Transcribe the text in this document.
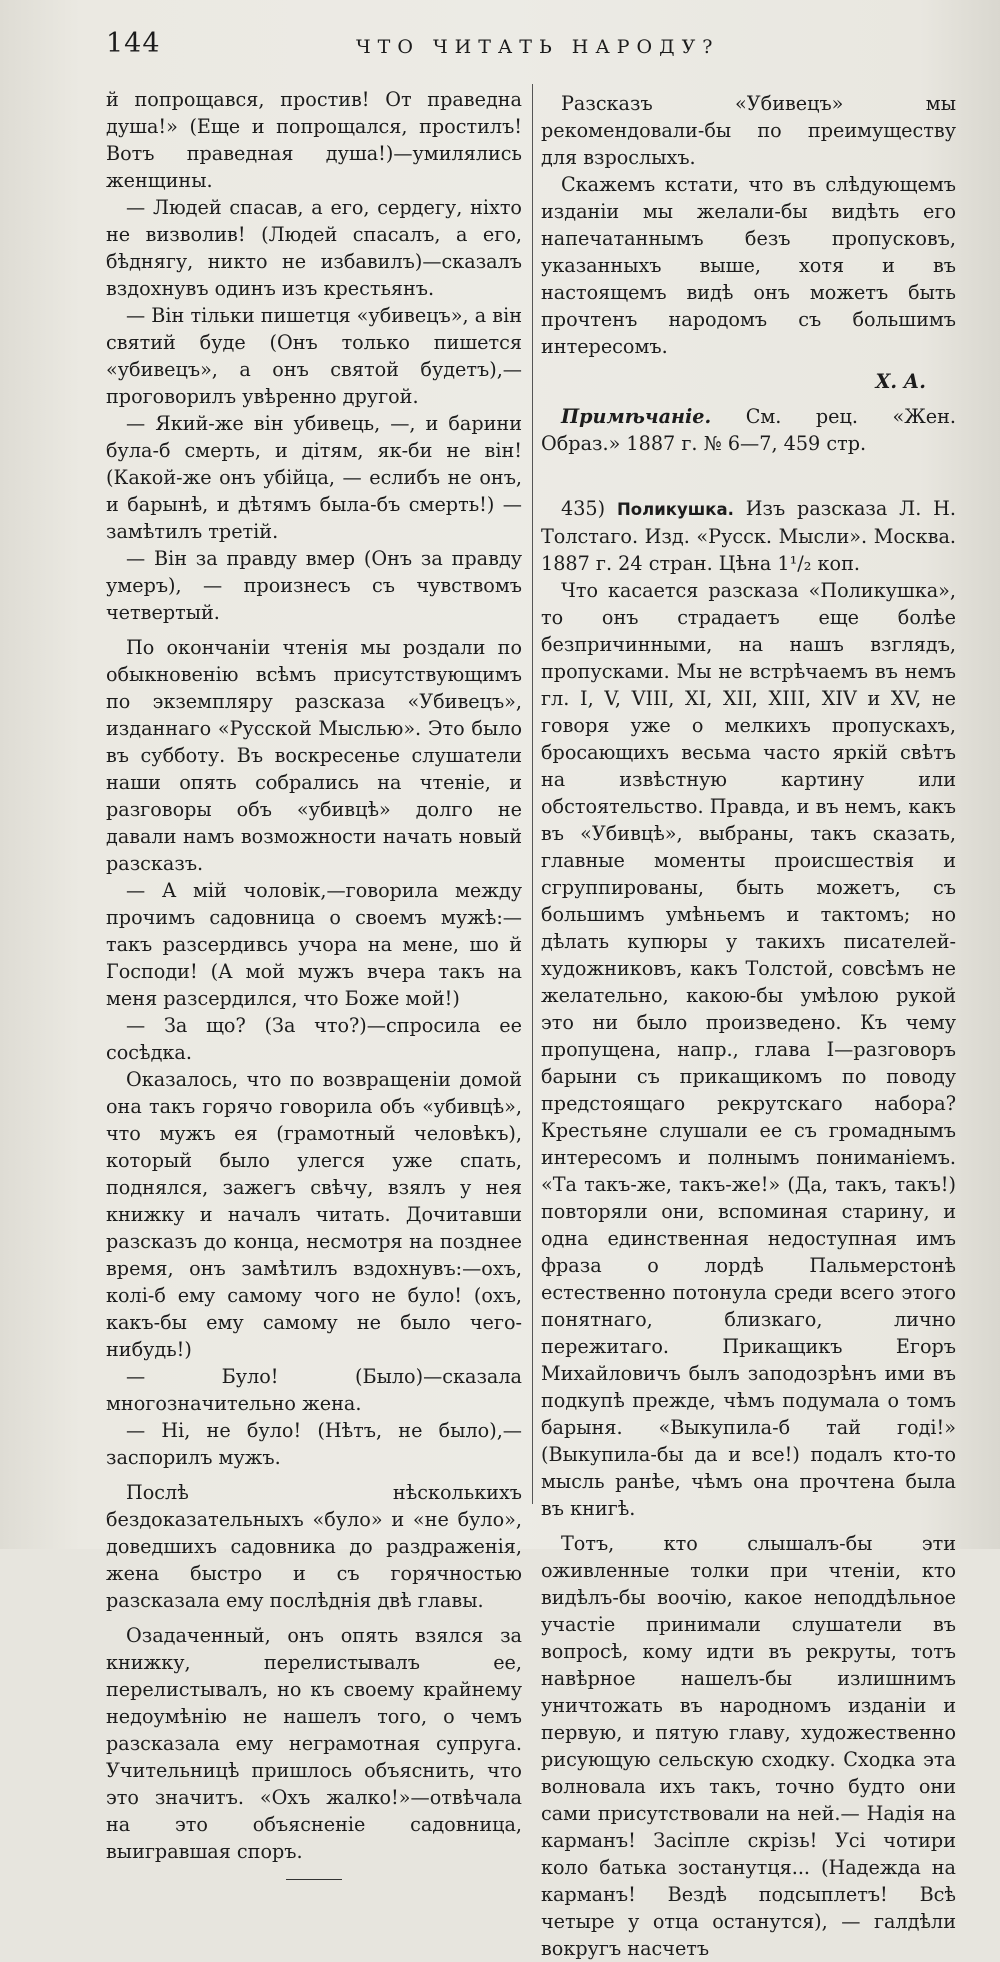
144	ЧТО ЧИТАТЬ НАРОДУ?

й попрощався, простив! От праведна душа!» (Еще и попрощался, простилъ! Вотъ праведная душа!)—умилялись женщины.

— Людей спасав, а его, сердегу, нiхто не визволив! (Людей спасалъ, а его, бѣднягу, никто не избавилъ)—сказалъ вздохнувъ одинъ изъ крестьянъ.

— Вiн тiльки пишетця «убивецъ», а вiн святий буде (Онъ только пишется «убивецъ», а онъ святой будетъ),—проговорилъ увѣренно другой.

— Який-же вiн убивець, —, и барини була-б смерть, и дiтям, як-би не вiн! (Какой-же онъ убiйца, — еслибъ не онъ, и барынѣ, и дѣтямъ была-бъ смерть!) — замѣтилъ третiй.

— Вiн за правду вмер (Онъ за правду умеръ), — произнесъ съ чувствомъ четвертый.

По окончанiи чтенiя мы роздали по обыкновенiю всѣмъ присутствующимъ по экземпляру разсказа «Убивецъ», изданнаго «Русской Мыслью». Это было въ субботу. Въ воскресенье слушатели наши опять собрались на чтенiе, и разговоры объ «убивцѣ» долго не давали намъ возможности начать новый разсказъ.

— А мiй чоловiк,—говорила между прочимъ садовница о своемъ мужѣ:—такъ разсердивсь учора на мене, шо й Господи! (А мой мужъ вчера такъ на меня разсердился, что Боже мой!)

— За що? (За что?)—спросила ее сосѣдка.

Оказалось, что по возвращенiи домой она такъ горячо говорила объ «убивцѣ», что мужъ ея (грамотный человѣкъ), который было улегся уже спать, поднялся, зажегъ свѣчу, взялъ у нея книжку и началъ читать. Дочитавши разсказъ до конца, несмотря на позднее время, онъ замѣтилъ вздохнувъ:—охъ, колi-б ему самому чого не було! (охъ, какъ-бы ему самому не было чего-нибудь!)

— Було! (Было)—сказала многозначительно жена.

— Нi, не було! (Нѣтъ, не было),—заспорилъ мужъ.

Послѣ нѣсколькихъ бездоказательныхъ «було» и «не було», доведшихъ садовника до раздраженiя, жена быстро и съ горячностью разсказала ему послѣднiя двѣ главы.

Озадаченный, онъ опять взялся за книжку, перелистывалъ ее, перелистывалъ, но къ своему крайнему недоумѣнiю не нашелъ того, о чемъ разсказала ему неграмотная супруга. Учительницѣ пришлось объяснить, что это значитъ. «Охъ жалко!»—отвѣчала на это объясненiе садовница, выигравшая споръ.

Разсказъ «Убивецъ» мы рекомендовали-бы по преимуществу для взрослыхъ.

Скажемъ кстати, что въ слѣдующемъ изданiи мы желали-бы видѣть его напечатаннымъ безъ пропусковъ, указанныхъ выше, хотя и въ настоящемъ видѣ онъ можетъ быть прочтенъ народомъ съ большимъ интересомъ.

Х. А.

Примѣчанiе. См. рец. «Жен. Образ.» 1887 г. № 6—7, 459 стр.

435) Поликушка. Изъ разсказа Л. Н. Толстаго. Изд. «Русск. Мысли». Москва. 1887 г. 24 стран. Цѣна 1¹/₂ коп.

Что касается разсказа «Поликушка», то онъ страдаетъ еще болѣе безпричинными, на нашъ взглядъ, пропусками. Мы не встрѣчаемъ въ немъ гл. I, V, VIII, XI, XII, XIII, XIV и XV, не говоря уже о мелкихъ пропускахъ, бросающихъ весьма часто яркiй свѣтъ на извѣстную картину или обстоятельство. Правда, и въ немъ, какъ въ «Убивцѣ», выбраны, такъ сказать, главные моменты происшествiя и сгруппированы, быть можетъ, съ большимъ умѣньемъ и тактомъ; но дѣлать купюры у такихъ писателей-художниковъ, какъ Толстой, совсѣмъ не желательно, какою-бы умѣлою рукой это ни было произведено. Къ чему пропущена, напр., глава I—разговоръ барыни съ прикащикомъ по поводу предстоящаго рекрутскаго набора? Крестьяне слушали ее съ громаднымъ интересомъ и полнымъ пониманiемъ. «Та такъ-же, такъ-же!» (Да, такъ, такъ!) повторяли они, вспоминая старину, и одна единственная недоступная имъ фраза о лордѣ Пальмерстонѣ естественно потонула среди всего этого понятнаго, близкаго, лично пережитаго. Прикащикъ Егоръ Михайловичъ былъ заподозрѣнъ ими въ подкупѣ прежде, чѣмъ подумала о томъ барыня. «Выкупила-б тай годi!» (Выкупила-бы да и все!) подалъ кто-то мысль ранѣе, чѣмъ она прочтена была въ книгѣ.

Тотъ, кто слышалъ-бы эти оживленные толки при чтенiи, кто видѣлъ-бы воочiю, какое неподдѣльное участiе принимали слушатели въ вопросѣ, кому идти въ рекруты, тотъ навѣрное нашелъ-бы излишнимъ уничтожать въ народномъ изданiи и первую, и пятую главу, художественно рисующую сельскую сходку. Сходка эта волновала ихъ такъ, точно будто они сами присутствовали на ней.— Надiя на карманъ! Засiпле скрiзь! Усi чотири коло батька зостанутця... (Надежда на карманъ! Вездѣ подсыплетъ! Всѣ четыре у отца останутся), — галдѣли вокругъ насчетъ
